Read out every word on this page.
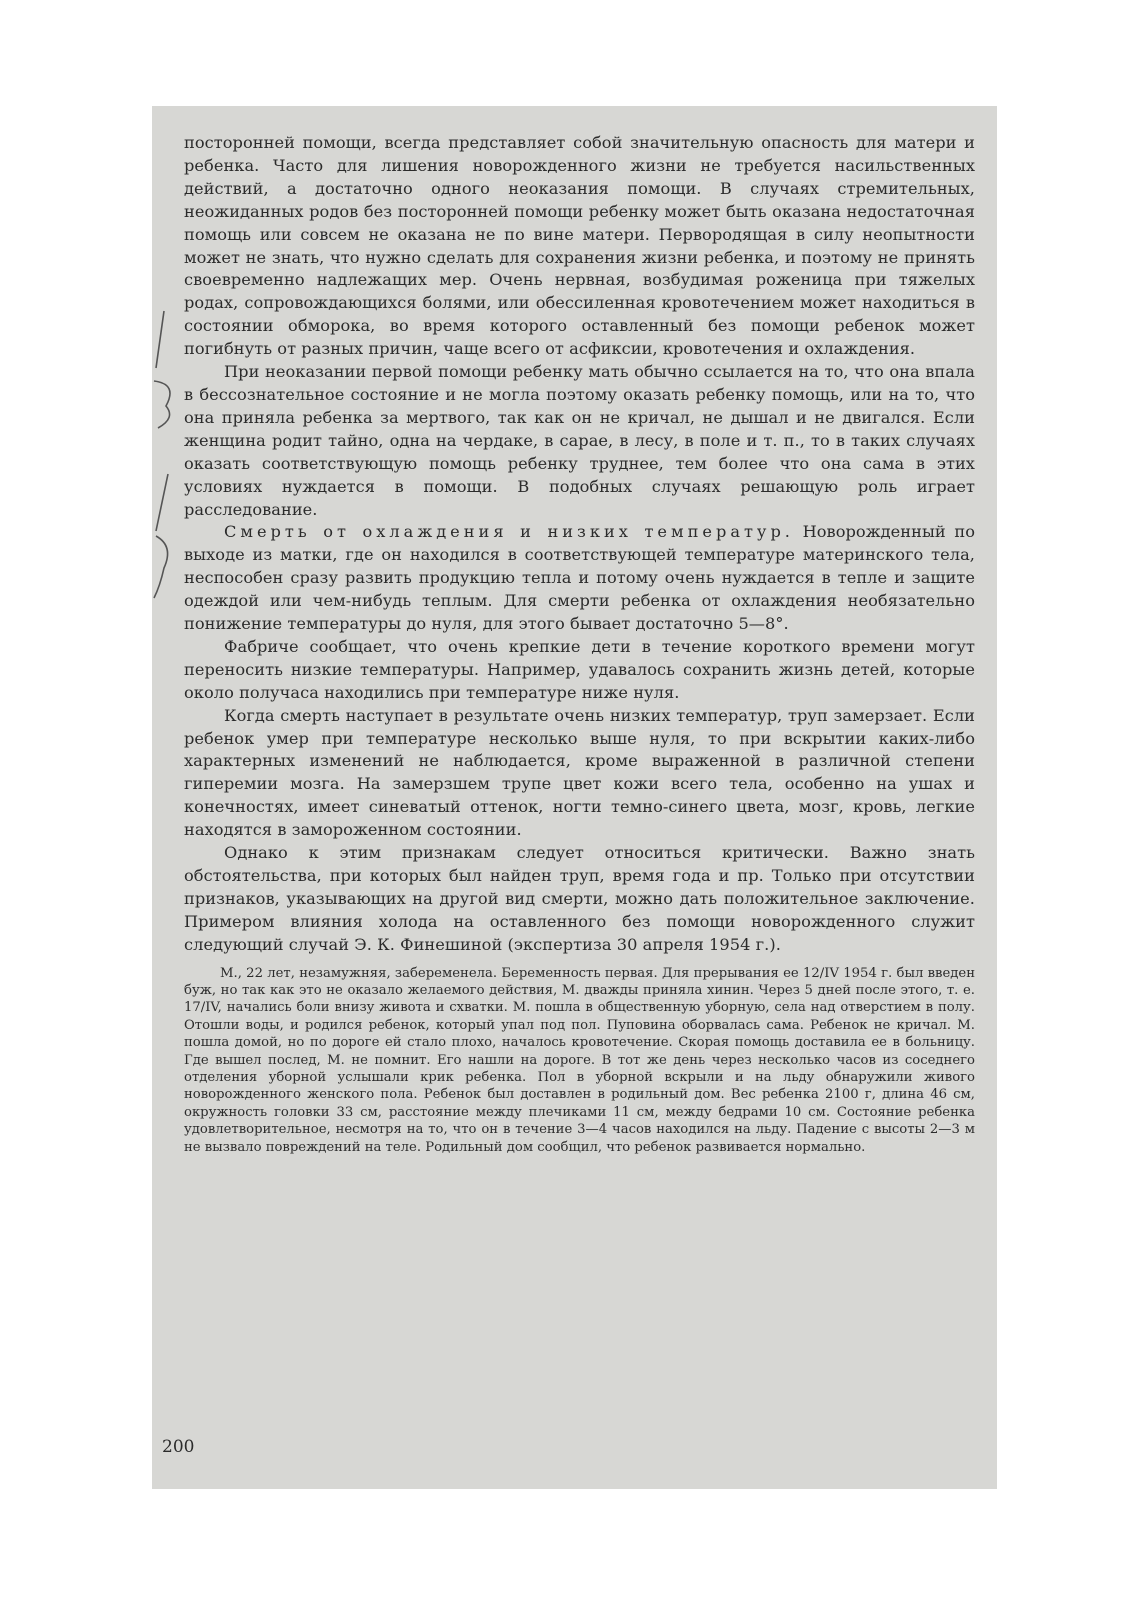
посторонней помощи, всегда представляет собой значительную опасность для матери и ребенка. Часто для лишения новорожденного жизни не требуется насильственных действий, а достаточно одного неоказания помощи. В случаях стремительных, неожиданных родов без посторонней помощи ребенку может быть оказана недостаточная помощь или совсем не оказана не по вине матери. Первородящая в силу неопытности может не знать, что нужно сделать для сохранения жизни ребенка, и поэтому не принять своевременно надлежащих мер. Очень нервная, возбудимая роженица при тяжелых родах, сопровождающихся болями, или обессиленная кровотечением может находиться в состоянии обморока, во время которого оставленный без помощи ребенок может погибнуть от разных причин, чаще всего от асфиксии, кровотечения и охлаждения.

При неоказании первой помощи ребенку мать обычно ссылается на то, что она впала в бессознательное состояние и не могла поэтому оказать ребенку помощь, или на то, что она приняла ребенка за мертвого, так как он не кричал, не дышал и не двигался. Если женщина родит тайно, одна на чердаке, в сарае, в лесу, в поле и т. п., то в таких случаях оказать соответствующую помощь ребенку труднее, тем более что она сама в этих условиях нуждается в помощи. В подобных случаях решающую роль играет расследование.

Смерть от охлаждения и низких температур. Новорожденный по выходе из матки, где он находился в соответствующей температуре материнского тела, неспособен сразу развить продукцию тепла и потому очень нуждается в тепле и защите одеждой или чем-нибудь теплым. Для смерти ребенка от охлаждения необязательно понижение температуры до нуля, для этого бывает достаточно 5—8°.

Фабриче сообщает, что очень крепкие дети в течение короткого времени могут переносить низкие температуры. Например, удавалось сохранить жизнь детей, которые около получаса находились при температуре ниже нуля.

Когда смерть наступает в результате очень низких температур, труп замерзает. Если ребенок умер при температуре несколько выше нуля, то при вскрытии каких-либо характерных изменений не наблюдается, кроме выраженной в различной степени гиперемии мозга. На замерзшем трупе цвет кожи всего тела, особенно на ушах и конечностях, имеет синеватый оттенок, ногти темно-синего цвета, мозг, кровь, легкие находятся в замороженном состоянии.

Однако к этим признакам следует относиться критически. Важно знать обстоятельства, при которых был найден труп, время года и пр. Только при отсутствии признаков, указывающих на другой вид смерти, можно дать положительное заключение. Примером влияния холода на оставленного без помощи новорожденного служит следующий случай Э. К. Финешиной (экспертиза 30 апреля 1954 г.).

М., 22 лет, незамужняя, забеременела. Беременность первая. Для прерывания ее 12/IV 1954 г. был введен буж, но так как это не оказало желаемого действия, М. дважды приняла хинин. Через 5 дней после этого, т. е. 17/IV, начались боли внизу живота и схватки. М. пошла в общественную уборную, села над отверстием в полу. Отошли воды, и родился ребенок, который упал под пол. Пуповина оборвалась сама. Ребенок не кричал. М. пошла домой, но по дороге ей стало плохо, началось кровотечение. Скорая помощь доставила ее в больницу. Где вышел послед, М. не помнит. Его нашли на дороге. В тот же день через несколько часов из соседнего отделения уборной услышали крик ребенка. Пол в уборной вскрыли и на льду обнаружили живого новорожденного женского пола. Ребенок был доставлен в родильный дом. Вес ребенка 2100 г, длина 46 см, окружность головки 33 см, расстояние между плечиками 11 см, между бедрами 10 см. Состояние ребенка удовлетворительное, несмотря на то, что он в течение 3—4 часов находился на льду. Падение с высоты 2—3 м не вызвало повреждений на теле. Родильный дом сообщил, что ребенок развивается нормально.

200
